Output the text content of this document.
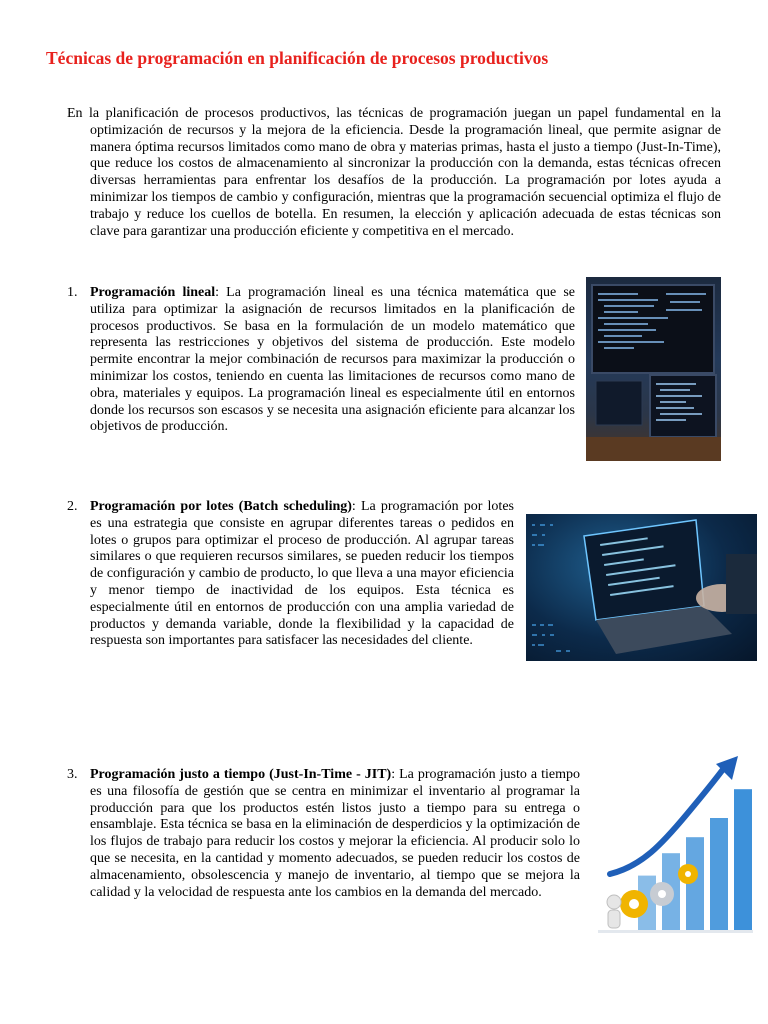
Técnicas de programación en planificación de procesos productivos

En la planificación de procesos productivos, las técnicas de programación juegan un papel fundamental en la optimización de recursos y la mejora de la eficiencia. Desde la programación lineal, que permite asignar de manera óptima recursos limitados como mano de obra y materias primas, hasta el justo a tiempo (Just-In-Time), que reduce los costos de almacenamiento al sincronizar la producción con la demanda, estas técnicas ofrecen diversas herramientas para enfrentar los desafíos de la producción. La programación por lotes ayuda a minimizar los tiempos de cambio y configuración, mientras que la programación secuencial optimiza el flujo de trabajo y reduce los cuellos de botella. En resumen, la elección y aplicación adecuada de estas técnicas son clave para garantizar una producción eficiente y competitiva en el mercado.

1. Programación lineal: La programación lineal es una técnica matemática que se utiliza para optimizar la asignación de recursos limitados en la planificación de procesos productivos. Se basa en la formulación de un modelo matemático que representa las restricciones y objetivos del sistema de producción. Este modelo permite encontrar la mejor combinación de recursos para maximizar la producción o minimizar los costos, teniendo en cuenta las limitaciones de recursos como mano de obra, materiales y equipos. La programación lineal es especialmente útil en entornos donde los recursos son escasos y se necesita una asignación eficiente para alcanzar los objetivos de producción.

2. Programación por lotes (Batch scheduling): La programación por lotes es una estrategia que consiste en agrupar diferentes tareas o pedidos en lotes o grupos para optimizar el proceso de producción. Al agrupar tareas similares o que requieren recursos similares, se pueden reducir los tiempos de configuración y cambio de producto, lo que lleva a una mayor eficiencia y menor tiempo de inactividad de los equipos. Esta técnica es especialmente útil en entornos de producción con una amplia variedad de productos y demanda variable, donde la flexibilidad y la capacidad de respuesta son importantes para satisfacer las necesidades del cliente.

3. Programación justo a tiempo (Just-In-Time - JIT): La programación justo a tiempo es una filosofía de gestión que se centra en minimizar el inventario al programar la producción para que los productos estén listos justo a tiempo para su entrega o ensamblaje. Esta técnica se basa en la eliminación de desperdicios y la optimización de los flujos de trabajo para reducir los costos y mejorar la eficiencia. Al producir solo lo que se necesita, en la cantidad y momento adecuados, se pueden reducir los costos de almacenamiento, obsolescencia y manejo de inventario, al tiempo que se mejora la calidad y la velocidad de respuesta ante los cambios en la demanda del mercado.
